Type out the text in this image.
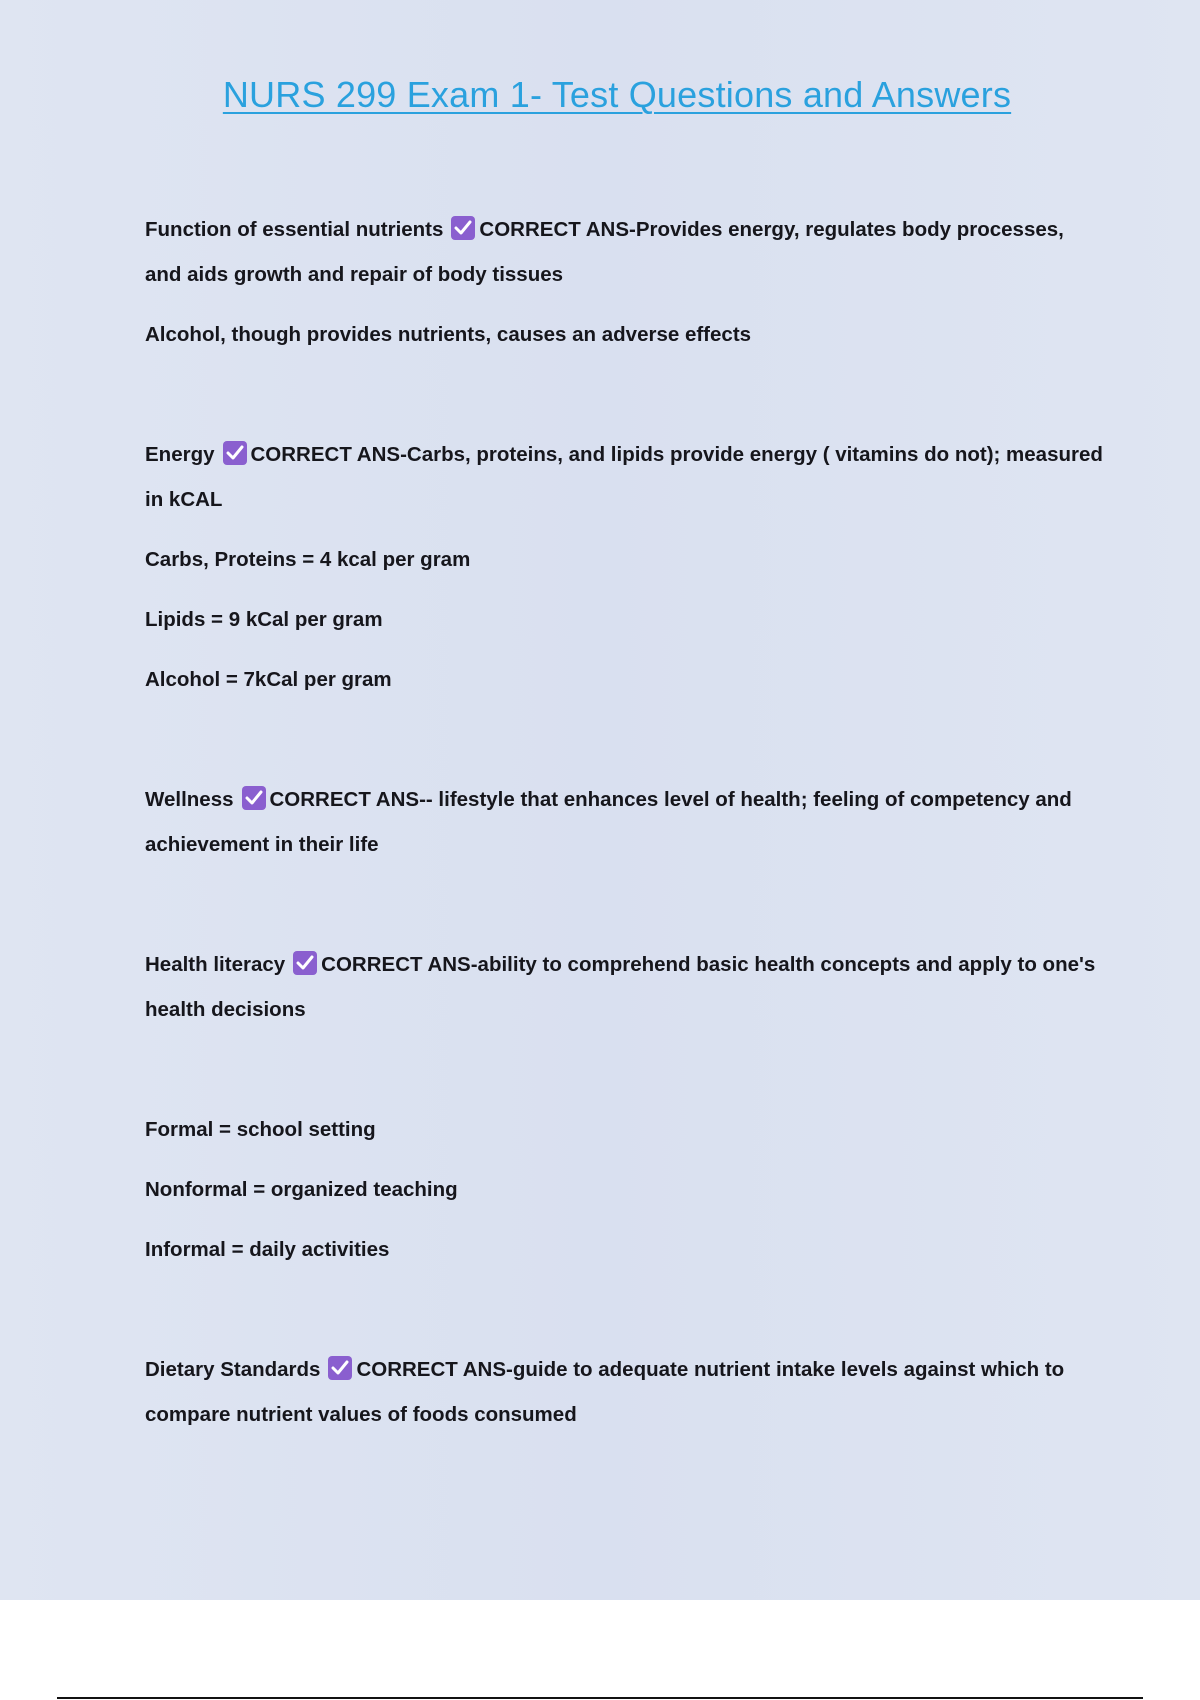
NURS 299 Exam 1- Test Questions and Answers

Function of essential nutrients CORRECT ANS-Provides energy, regulates body processes, and aids growth and repair of body tissues

Alcohol, though provides nutrients, causes an adverse effects

Energy CORRECT ANS-Carbs, proteins, and lipids provide energy ( vitamins do not); measured in kCAL

Carbs, Proteins = 4 kcal per gram

Lipids = 9 kCal per gram

Alcohol = 7kCal per gram

Wellness CORRECT ANS-- lifestyle that enhances level of health; feeling of competency and achievement in their life

Health literacy CORRECT ANS-ability to comprehend basic health concepts and apply to one's health decisions

Formal = school setting

Nonformal = organized teaching

Informal = daily activities

Dietary Standards CORRECT ANS-guide to adequate nutrient intake levels against which to compare nutrient values of foods consumed
